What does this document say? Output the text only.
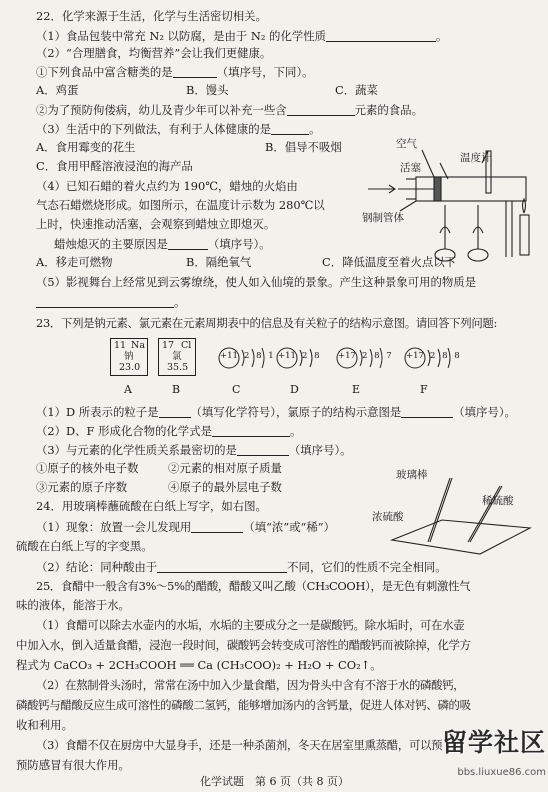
22．化学来源于生活，化学与生活密切相关。
（1）食品包装中常充 N₂ 以防腐，是由于 N₂ 的化学性质	。
（2）“合理膳食，均衡营养”会让我们更健康。
①下列食品中富含糖类的是	（填序号，下同）。
A．鸡蛋	B．馒头	C．蔬菜
②为了预防佝偻病，幼儿及青少年可以补充一些含	元素的食品。
（3）生活中的下列做法，有利于人体健康的是	。
A．食用霉变的花生	B．倡导不吸烟
C．食用甲醛溶液浸泡的海产品
（4）已知石蜡的着火点约为 190℃，蜡烛的火焰由
气态石蜡燃烧形成。如图所示，在温度计示数为 280℃以
上时，快速推动活塞，会观察到蜡烛立即熄灭。
蜡烛熄灭的主要原因是	（填序号）。
A．移走可燃物	B．隔绝氧气	C．降低温度至着火点以下
（5）影视舞台上经常见到云雾缭绕，使人如入仙境的景象。产生这种景象可用的物质是
。
空气
温度计
活塞
钢制管体
23．下列是钠元素、氯元素在元素周期表中的信息及有关粒子的结构示意图。请回答下列问题:
11 Na
钠
23.0
17 Cl
氯
35.5
+11 2 8 1 +11 2 8 +17 2 8 7 +17 2 8 8
A	B	C	D	E	F
（1）D 所表示的粒子是	（填写化学符号），氯原子的结构示意图是	（填序号）。
（2）D、F 形成化合物的化学式是	。
（3）与元素的化学性质关系最密切的是	（填序号）。
①原子的核外电子数	②元素的相对原子质量
③元素的原子序数	④原子的最外层电子数
24．用玻璃棒蘸硫酸在白纸上写字，如右图。
（1）现象：放置一会儿发现用	（填“浓”或“稀”）
硫酸在白纸上写的字变黑。
（2）结论：同种酸由于	不同，它们的性质不完全相同。
玻璃棒
稀硫酸
浓硫酸
25．食醋中一般含有3%～5%的醋酸，醋酸又叫乙酸（CH₃COOH），是无色有刺激性气
味的液体，能溶于水。
（1）食醋可以除去水壶内的水垢，水垢的主要成分之一是碳酸钙。除水垢时，可在水壶
中加入水，倒入适量食醋，浸泡一段时间，碳酸钙会转变成可溶性的醋酸钙而被除掉，化学方
程式为 CaCO₃ + 2CH₃COOH ══ Ca (CH₃COO)₂ + H₂O + CO₂↑。
（2）在熬制骨头汤时，常常在汤中加入少量食醋，因为骨头中含有不溶于水的磷酸钙，
磷酸钙与醋酸反应生成可溶性的磷酸二氢钙，能够增加汤内的含钙量，促进人体对钙、磷的吸
收和利用。
（3）食醋不仅在厨房中大显身手，还是一种杀菌剂，冬天在居室里熏蒸醋，可以预
预防感冒有很大作用。
化学试题　第 6 页（共 8 页）
留学社区
bbs.liuxue86.com
